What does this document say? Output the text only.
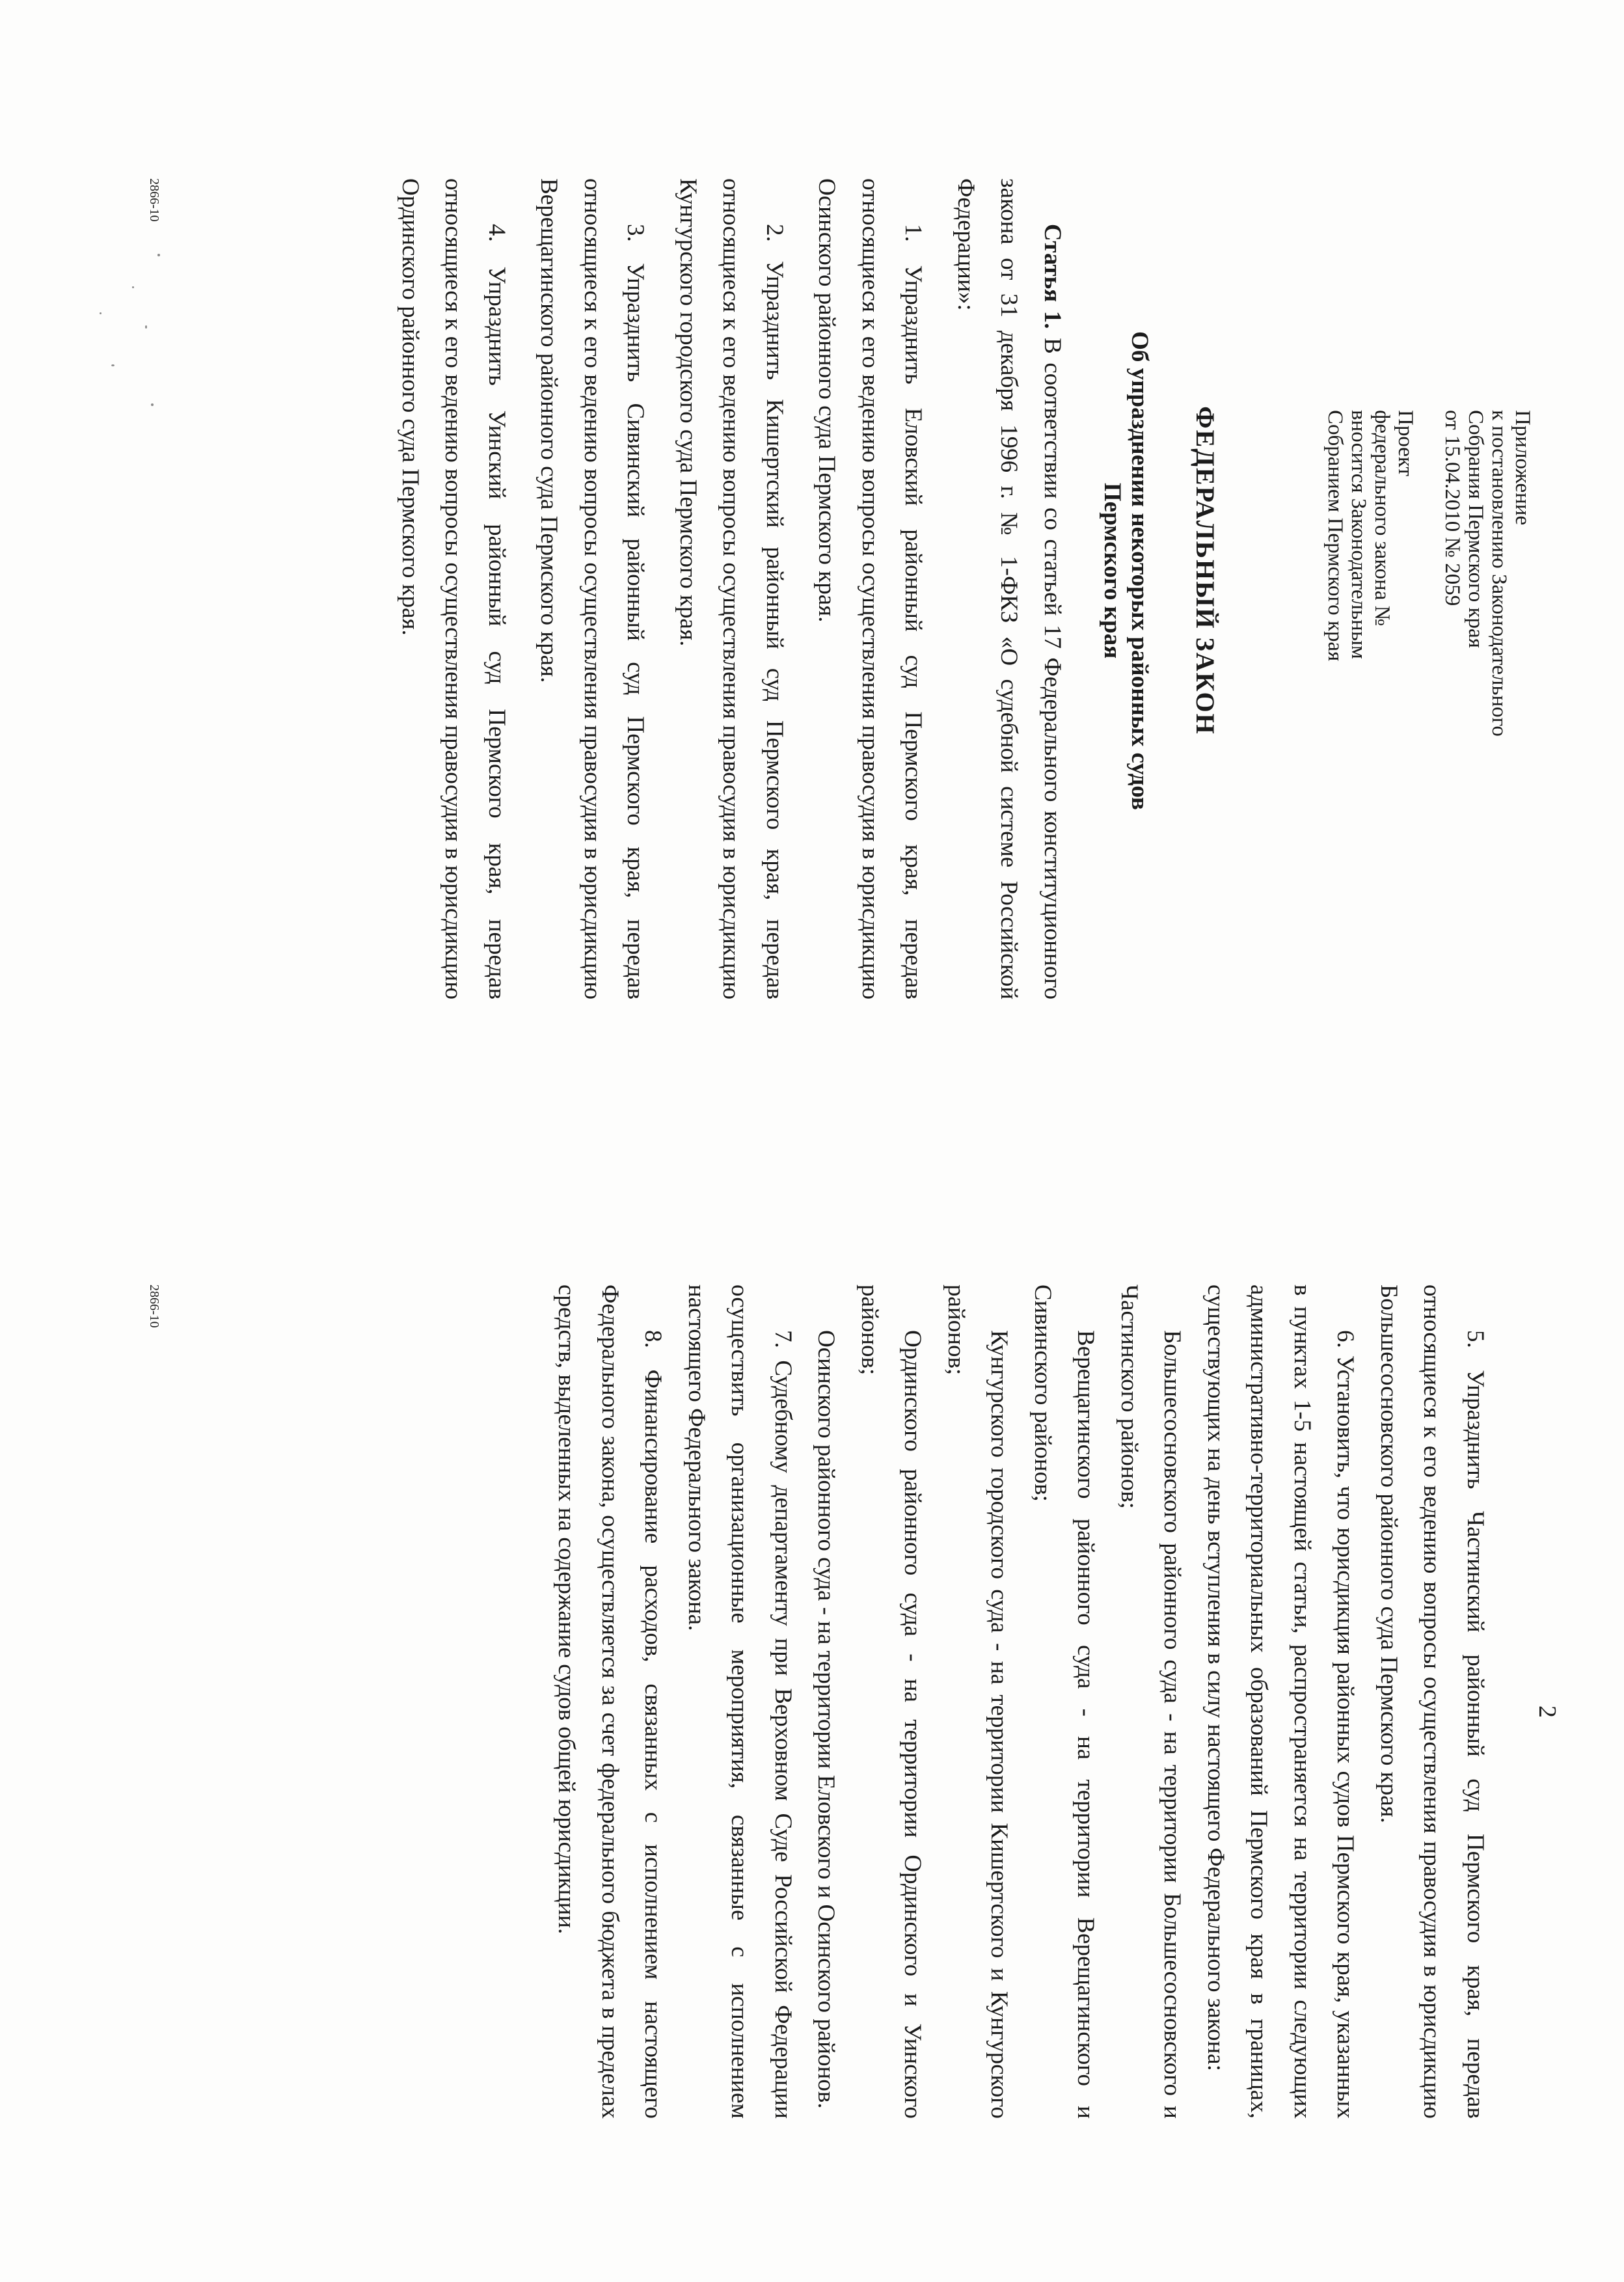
Приложение
к постановлению Законодательного
Собрания Пермского края
от 15.04.2010 № 2059
Проект
федерального закона №
вносится Законодательным
Собранием Пермского края
ФЕДЕРАЛЬНЫЙ ЗАКОН
Об упразднении некоторых районных судов
Пермского края

Статья 1. В соответствии со статьей 17 Федерального конституционного закона от 31 декабря 1996 г. № 1-ФКЗ «О судебной системе Российской Федерации»:

1. Упразднить Еловский районный суд Пермского края, передав относящиеся к его ведению вопросы осуществления правосудия в юрисдикцию Осинского районного суда Пермского края.

2. Упразднить Кишертский районный суд Пермского края, передав относящиеся к его ведению вопросы осуществления правосудия в юрисдикцию Кунгурского городского суда Пермского края.

3. Упразднить Сивинский районный суд Пермского края, передав относящиеся к его ведению вопросы осуществления правосудия в юрисдикцию Верещагинского районного суда Пермского края.

4. Упразднить Уинский районный суд Пермского края, передав относящиеся к его ведению вопросы осуществления правосудия в юрисдикцию Ординского районного суда Пермского края.

2866-10
2

5. Упразднить Частинский районный суд Пермского края, передав относящиеся к его ведению вопросы осуществления правосудия в юрисдикцию Большесосновского районного суда Пермского края.

6. Установить, что юрисдикция районных судов Пермского края, указанных в пунктах 1-5 настоящей статьи, распространяется на территории следующих административно-территориальных образований Пермского края в границах, существующих на день вступления в силу настоящего Федерального закона:

Большесосновского районного суда - на территории Большесосновского и Частинского районов;

Верещагинского районного суда - на территории Верещагинского и Сивинского районов;

Кунгурского городского суда - на территории Кишертского и Кунгурского районов;

Ординского районного суда - на территории Ординского и Уинского районов;

Осинского районного суда - на территории Еловского и Осинского районов.

7. Судебному департаменту при Верховном Суде Российской Федерации осуществить организационные мероприятия, связанные с исполнением настоящего Федерального закона.

8. Финансирование расходов, связанных с исполнением настоящего Федерального закона, осуществляется за счет федерального бюджета в пределах средств, выделенных на содержание судов общей юрисдикции.

2866-10
